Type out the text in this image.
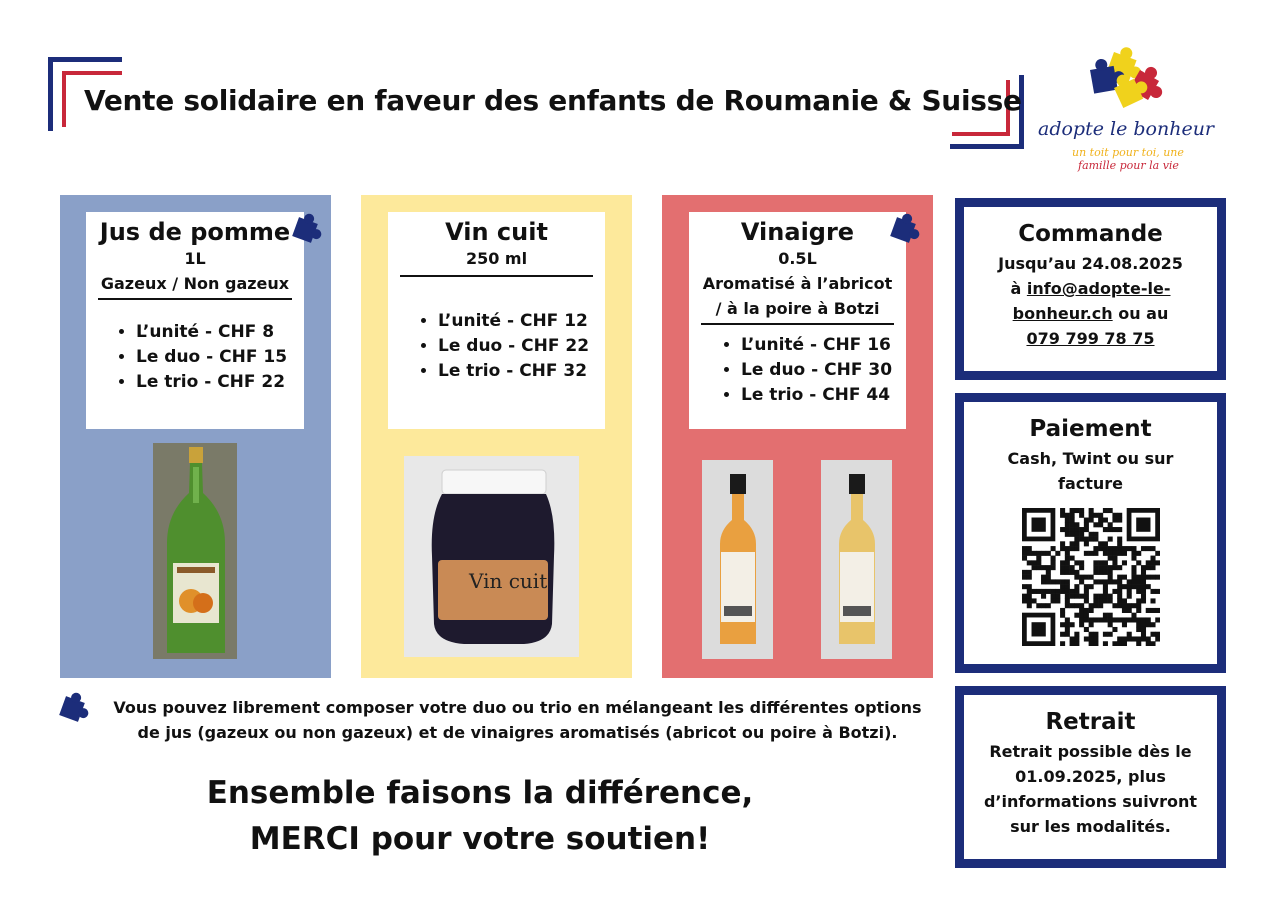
Vente solidaire en faveur des enfants de Roumanie & Suisse
adopte le bonheur
un toit pour toi, une
famille pour la vie
Jus de pomme
1L
Gazeux / Non gazeux
• L’unité - CHF 8
• Le duo - CHF 15
• Le trio - CHF 22
Vin cuit
250 ml
• L’unité - CHF 12
• Le duo - CHF 22
• Le trio - CHF 32
Vin cuit
Vinaigre
0.5L
Aromatisé à l’abricot
/ à la poire à Botzi
• L’unité - CHF 16
• Le duo - CHF 30
• Le trio - CHF 44
Commande

Jusqu’au 24.08.2025

à info@adopte-le-

bonheur.ch ou au

079 799 78 75

Paiement

Cash, Twint ou sur

facture

Retrait

Retrait possible dès le

01.09.2025, plus

d’informations suivront

sur les modalités.

Vous pouvez librement composer votre duo ou trio en mélangeant les différentes options
de jus (gazeux ou non gazeux) et de vinaigres aromatisés (abricot ou poire à Botzi).
Ensemble faisons la différence,
MERCI pour votre soutien!
